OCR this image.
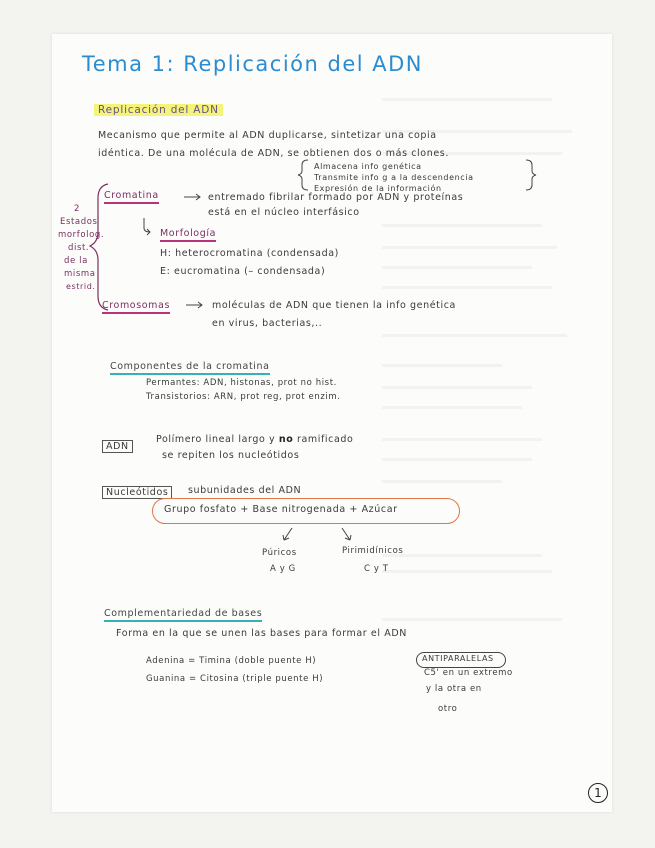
Tema 1: Replicación del ADN
Replicación del ADN
Mecanismo que permite al ADN duplicarse, sintetizar una copia
idéntica. De una molécula de ADN, se obtienen dos o más clones.
Almacena info genética
Transmite info g a la descendencia
Expresión de la información
2
Estados
morfolog.
dist.
de la
misma
estrid.
Cromatina	entremado fibrilar formado por ADN y proteínas
está en el núcleo interfásico
Morfología
H: heterocromatina (condensada)
E: eucromatina (– condensada)
Cromosomas	moléculas de ADN que tienen la info genética
en virus, bacterias,..
Componentes de la cromatina
Permantes: ADN, histonas, prot no hist.
Transistorios: ARN, prot reg, prot enzim.
ADN
Polímero lineal largo y no ramificado
se repiten los nucleótidos
Nucleótidos	subunidades del ADN
Grupo fosfato + Base nitrogenada + Azúcar
Púricos
A y G
Pirimidínicos
C y T
Complementariedad de bases
Forma en la que se unen las bases para formar el ADN
Adenina = Timina (doble puente H)
Guanina = Citosina (triple puente H)
ANTIPARALELAS
C5' en un extremo
y la otra en
otro
1
